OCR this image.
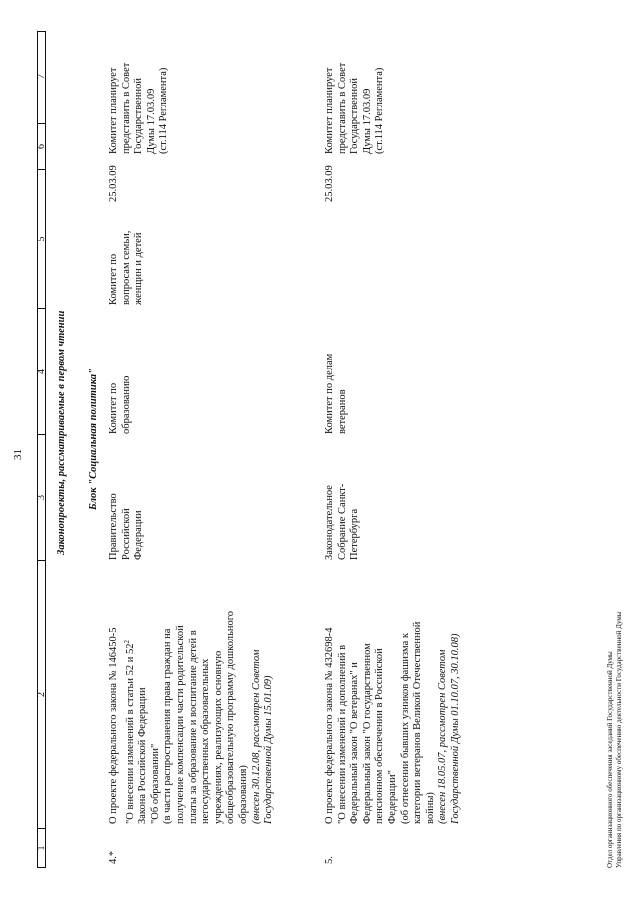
31
1
2
3
4
5
6
7
Законопроекты, рассматриваемые в первом чтении Блок "Социальная политика"
4.*
О проекте федерального закона № 146450-5 "О внесении изменений в статьи 52 и $52^2$
Закона Российской Федерации "Об образовании" (в части распространения права граждан на получение компенсации части родительской платы за образование и воспитание детей в негосударственных образовательных учреждениях, реализующих основную общеобразовательную программу дошкольного образования) (внесен 30.12.08, рассмотрен Советом Государственной Думы 15.01.09)
Правительство Российской Федерации
Комитет по образованию
Комитет по вопросам семьи, женщин и детей
25.03.09
Комитет планирует представить в Совет Государственной Думы 17.03.09 (ст.114 Регламента)
5.
О проекте федерального закона № 432698-4 "О внесении изменений и дополнений в Федеральный закон "О ветеранах" и Федеральный закон "О государственном пенсионном обеспечении в Российской Федерации" (об отнесении бывших узников фашизма к категории ветеранов Великой Отечественной войны) (внесен 18.05.07, рассмотрен Советом Государственной Думы 01.10.07, 30.10.08)
Законодательное Собрание Санкт- Петербурга
Комитет по делам ветеранов
25.03.09
Комитет планирует представить в Совет Государственной Думы 17.03.09 (ст.114 Регламента)
Отдел организационного обеспечения заседаний Государственной Думы Управления по организационному обеспечению деятельности Государственной Думы
